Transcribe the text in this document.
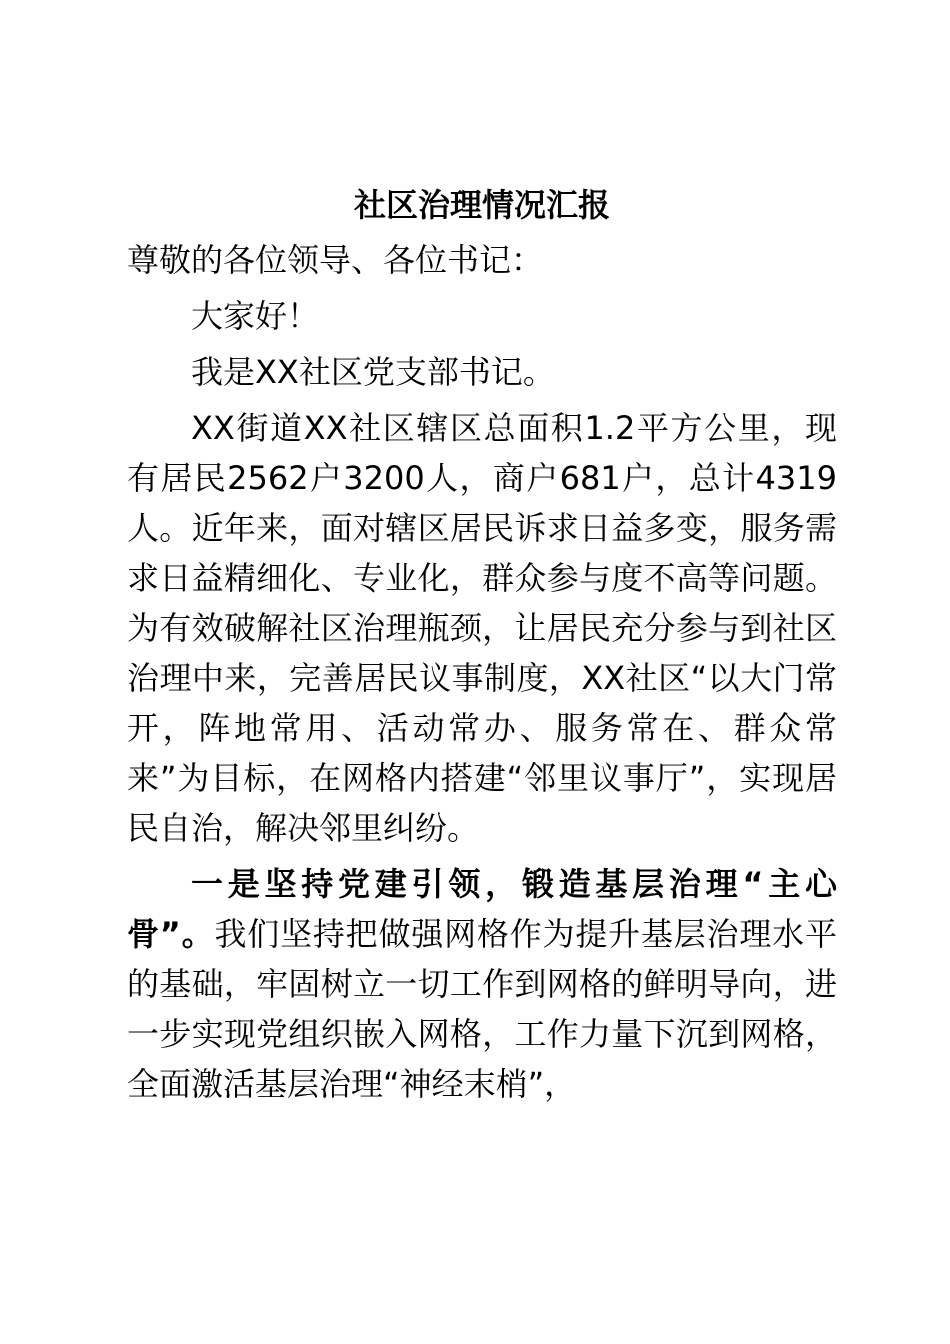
社区治理情况汇报

尊敬的各位领导、各位书记：

大家好！

我是XX社区党支部书记。

XX街道XX社区辖区总面积1.2平方公里，现有居民2562户3200人，商户681户，总计4319人。近年来，面对辖区居民诉求日益多变，服务需求日益精细化、专业化，群众参与度不高等问题。为有效破解社区治理瓶颈，让居民充分参与到社区治理中来，完善居民议事制度，XX社区“以大门常开，阵地常用、活动常办、服务常在、群众常来”为目标，在网格内搭建“邻里议事厅”，实现居民自治，解决邻里纠纷。

一是坚持党建引领，锻造基层治理“主心骨”。我们坚持把做强网格作为提升基层治理水平的基础，牢固树立一切工作到网格的鲜明导向，进一步实现党组织嵌入网格，工作力量下沉到网格，全面激活基层治理“神经末梢”，
